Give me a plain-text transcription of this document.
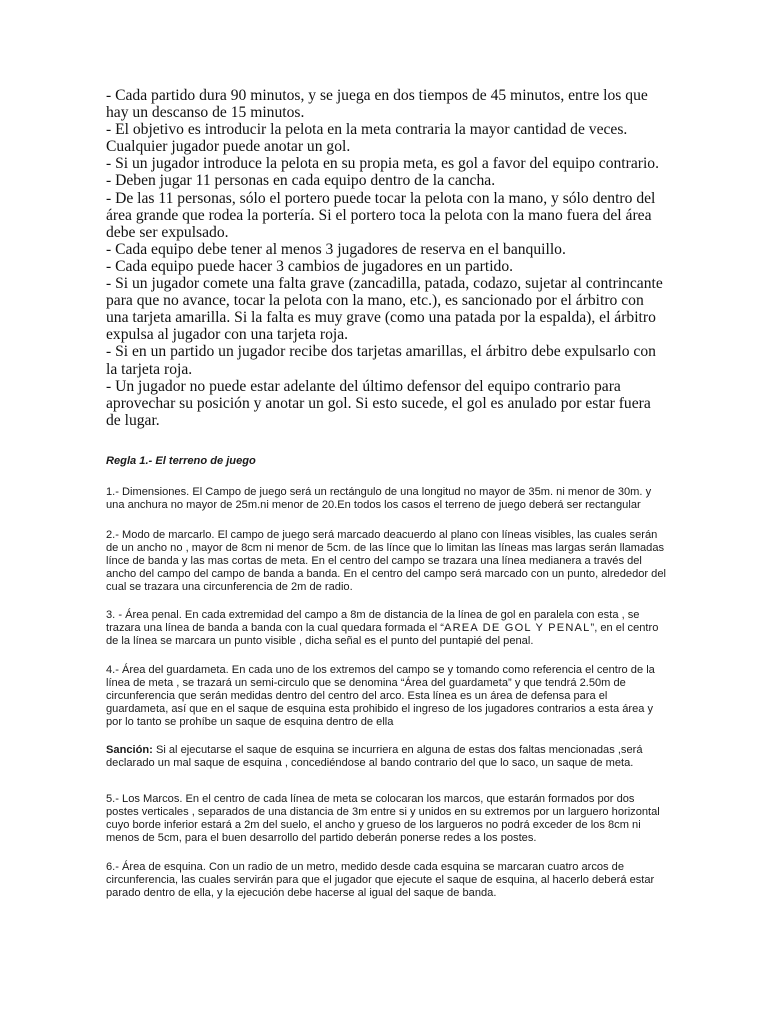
- Cada partido dura 90 minutos, y se juega en dos tiempos de 45 minutos, entre los que hay un descanso de 15 minutos.

- El objetivo es introducir la pelota en la meta contraria la mayor cantidad de veces. Cualquier jugador puede anotar un gol.

- Si un jugador introduce la pelota en su propia meta, es gol a favor del equipo contrario.

- Deben jugar 11 personas en cada equipo dentro de la cancha.

- De las 11 personas, sólo el portero puede tocar la pelota con la mano, y sólo dentro del área grande que rodea la portería. Si el portero toca la pelota con la mano fuera del área debe ser expulsado.

- Cada equipo debe tener al menos 3 jugadores de reserva en el banquillo.

- Cada equipo puede hacer 3 cambios de jugadores en un partido.

- Si un jugador comete una falta grave (zancadilla, patada, codazo, sujetar al contrincante para que no avance, tocar la pelota con la mano, etc.), es sancionado por el árbitro con una tarjeta amarilla. Si la falta es muy grave (como una patada por la espalda), el árbitro expulsa al jugador con una tarjeta roja.

- Si en un partido un jugador recibe dos tarjetas amarillas, el árbitro debe expulsarlo con la tarjeta roja.

- Un jugador no puede estar adelante del último defensor del equipo contrario para aprovechar su posición y anotar un gol. Si esto sucede, el gol es anulado por estar fuera de lugar.

Regla 1.- El terreno de juego

1.- Dimensiones. El Campo de juego será un rectángulo de una longitud no mayor de 35m. ni menor de 30m. y una anchura no mayor de 25m.ni menor de 20.En todos los casos el terreno de juego deberá ser rectangular

2.- Modo de marcarlo. El campo de juego será marcado deacuerdo al plano con líneas visibles, las cuales serán de un ancho no , mayor de 8cm ni menor de 5cm. de las línce que lo limitan las líneas mas largas serán llamadas línce de banda y las mas cortas de meta. En el centro del campo se trazara una línea medianera a través del ancho del campo del campo de banda a banda. En el centro del campo será marcado con un punto, alrededor del cual se trazara una circunferencia de 2m de radio.

3. - Área penal. En cada extremidad del campo a 8m de distancia de la línea de gol en paralela con esta , se trazara una línea de banda a banda con la cual quedara formada el “AREA DE GOL Y PENAL”, en el centro de la línea se marcara un punto visible , dicha señal es el punto del puntapié del penal.

4.- Área del guardameta. En cada uno de los extremos del campo se y tomando como referencia el centro de la línea de meta , se trazará un semi-circulo que se denomina “Área del guardameta” y que tendrá 2.50m de circunferencia que serán medidas dentro del centro del arco. Esta línea es un área de defensa para el guardameta, así que en el saque de esquina esta prohibido el ingreso de los jugadores contrarios a esta área y por lo tanto se prohíbe un saque de esquina dentro de ella

Sanción: Si al ejecutarse el saque de esquina se incurriera en alguna de estas dos faltas mencionadas ,será declarado un mal saque de esquina , concediéndose al bando contrario del que lo saco, un saque de meta.

5.- Los Marcos. En el centro de cada línea de meta se colocaran los marcos, que estarán formados por dos postes verticales , separados de una distancia de 3m entre si y unidos en su extremos por un larguero horizontal cuyo borde inferior estará a 2m del suelo, el ancho y grueso de los largueros no podrá exceder de los 8cm ni menos de 5cm, para el buen desarrollo del partido deberán ponerse redes a los postes.

6.- Área de esquina. Con un radio de un metro, medido desde cada esquina se marcaran cuatro arcos de circunferencia, las cuales servirán para que el jugador que ejecute el saque de esquina, al hacerlo deberá estar parado dentro de ella, y la ejecución debe hacerse al igual del saque de banda.
